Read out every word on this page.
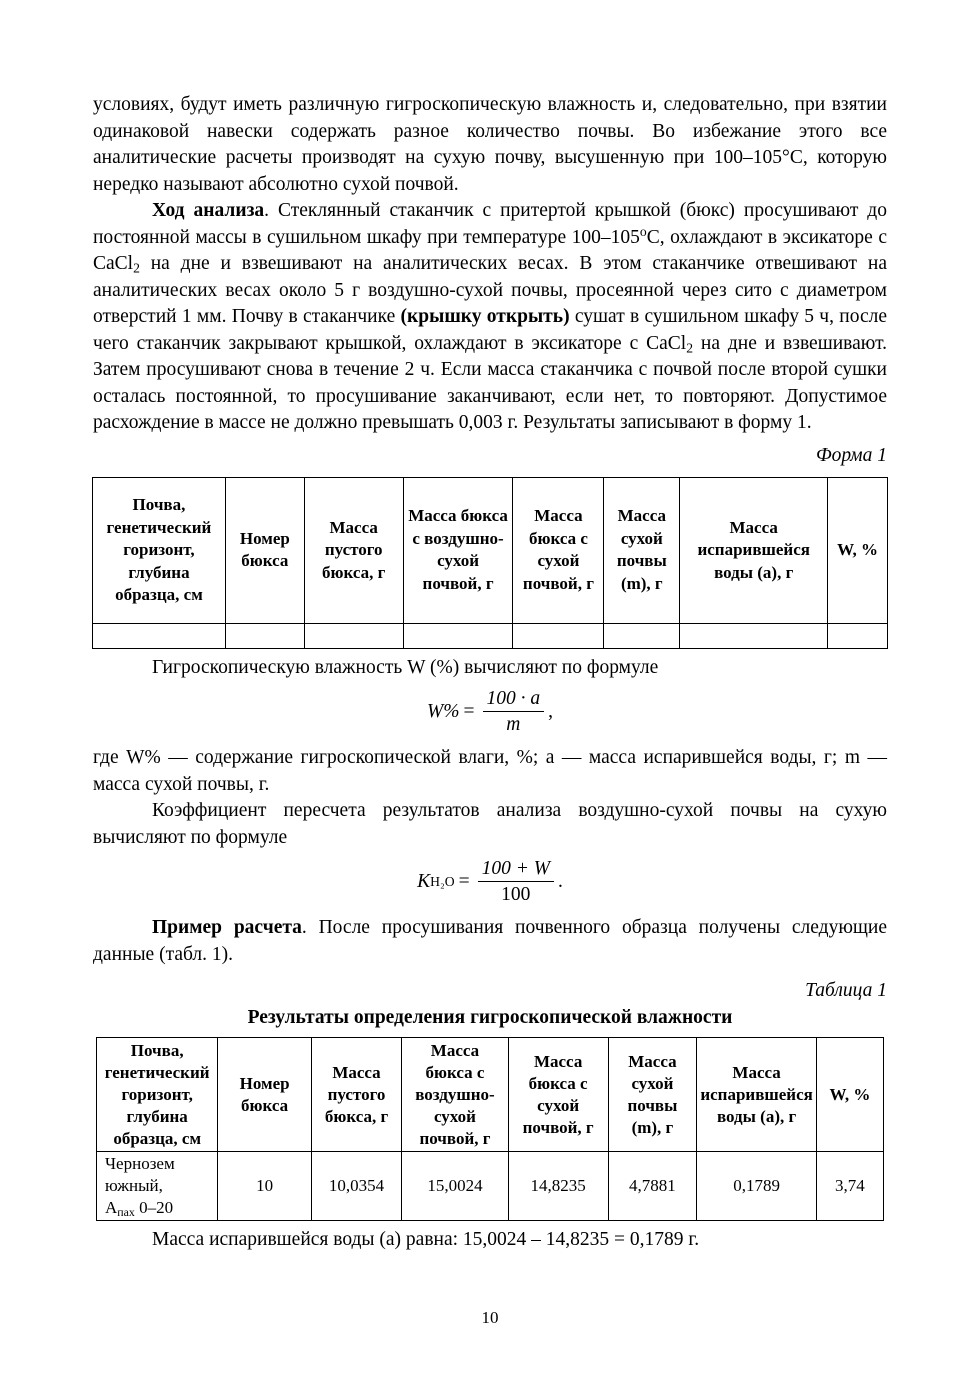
условиях, будут иметь различную гигроскопическую влажность и, следовательно, при взятии одинаковой навески содержать разное количество почвы. Во избежание этого все аналитические расчеты производят на сухую почву, высушенную при 100–105°С, которую нередко называют абсолютно сухой почвой.

Ход анализа. Стеклянный стаканчик с притертой крышкой (бюкс) просушивают до постоянной массы в сушильном шкафу при температуре $100-105^оС$, охлаждают в эксикаторе с CaCl$_2$ на дне и взвешивают на аналитических весах. В этом стаканчике отвешивают на аналитических весах около 5 г воздушно-сухой почвы, просеянной через сито с диаметром отверстий 1 мм. Почву в стаканчике (крышку открыть) сушат в сушильном шкафу 5 ч, после чего стаканчик закрывают крышкой, охлаждают в эксикаторе с CaCl$_2$ на дне и взвешивают. Затем просушивают снова в течение 2 ч. Если масса стаканчика с почвой после второй сушки осталась постоянной, то просушивание заканчивают, если нет, то повторяют. Допустимое расхождение в массе не должно превышать 0,003 г. Результаты записывают в форму 1.

Форма 1
Почва, генетический горизонт, глубина образца, см	Номер бюкса	Масса пустого бюкса, г	Масса бюкса с воздушно-сухой почвой, г	Масса бюкса с сухой почвой, г	Масса сухой почвы (m), г	Масса испарившейся воды (a), г	W, %

Гигроскопическую влажность W (%) вычисляют по формуле

$W\% = \frac{100 \cdot a}{m}$ ,

где W% — содержание гигроскопической влаги, %; a — масса испарившейся воды, г; m — масса сухой почвы, г.

Коэффициент пересчета результатов анализа воздушно-сухой почвы на сухую вычисляют по формуле

K $H_2O = \frac{100 + W}{100}$ .

Пример расчета. После просушивания почвенного образца получены следующие данные (табл. 1).

Таблица 1
Результаты определения гигроскопической влажности
Почва, генетический горизонт, глубина образца, см	Номер бюкса	Масса пустого бюкса, г	Масса бюкса с воздушно-сухой почвой, г	Масса бюкса с сухой почвой, г	Масса сухой почвы (m), г	Масса испарившейся воды (a), г	W, %
Чернозем южный,
$А_{пах}$ 0–20	10	10,0354	15,0024	14,8235	4,7881	0,1789	3,74

Масса испарившейся воды (а) равна: 15,0024 – 14,8235 = 0,1789 г.

10
